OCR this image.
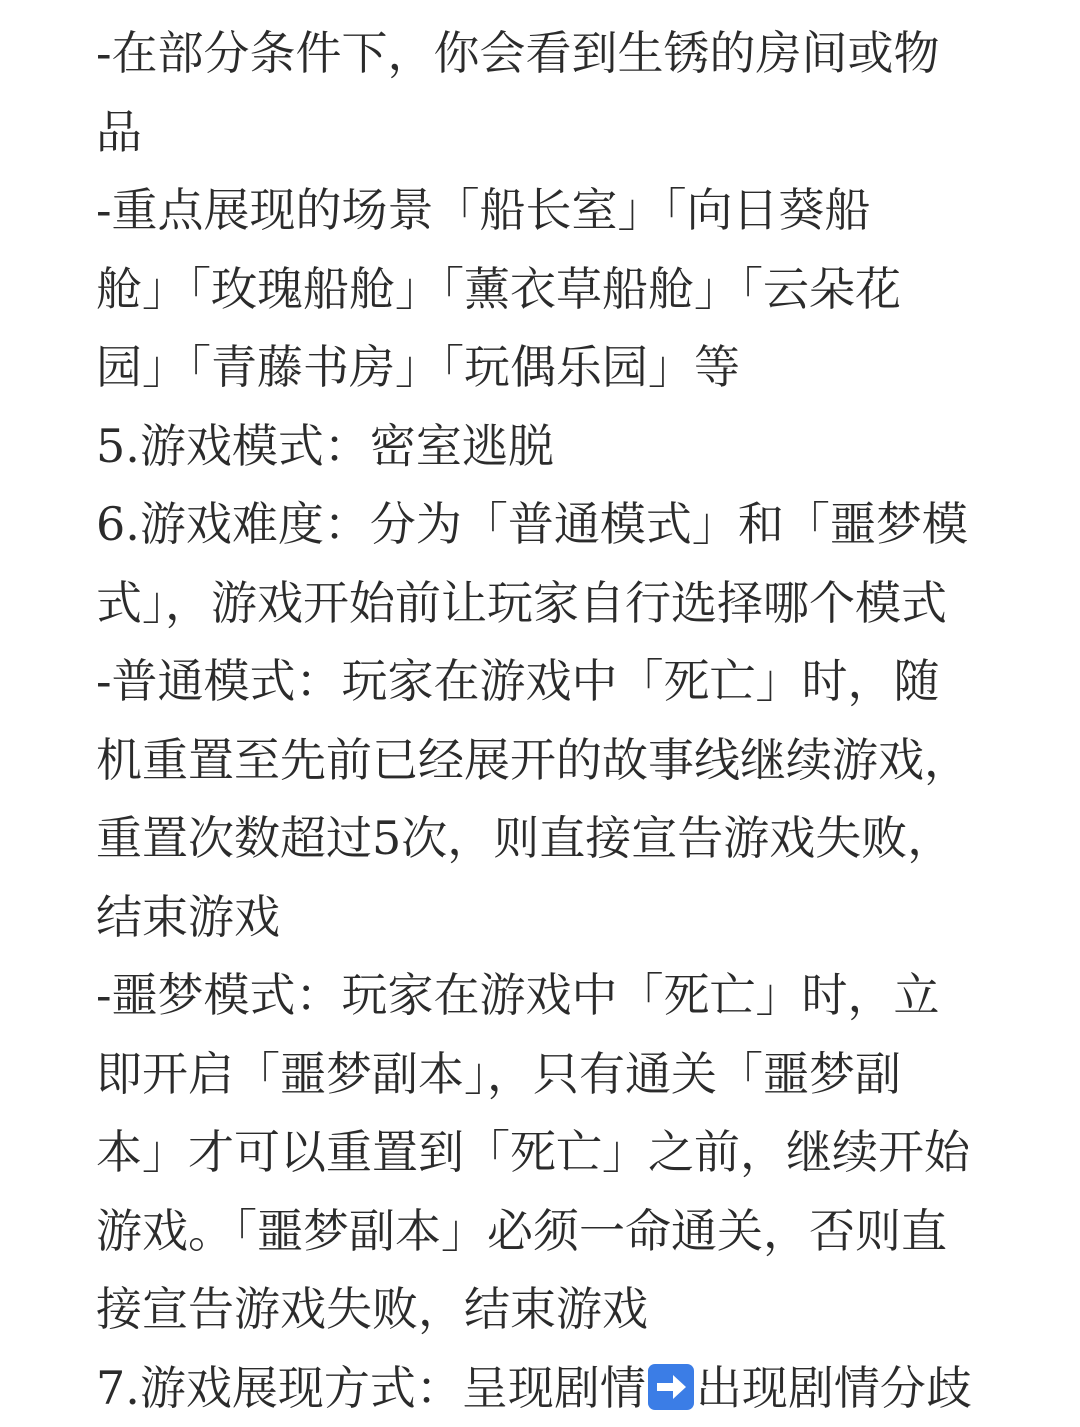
-在部分条件下，你会看到生锈的房间或物
品
-重点展现的场景「船长室」「向日葵船
舱」「玫瑰船舱」「薰衣草船舱」「云朵花
园」「青藤书房」「玩偶乐园」等
5.游戏模式：密室逃脱
6.游戏难度：分为「普通模式」和「噩梦模
式」，游戏开始前让玩家自行选择哪个模式
-普通模式：玩家在游戏中「死亡」时，随
机重置至先前已经展开的故事线继续游戏，
重置次数超过5次，则直接宣告游戏失败，
结束游戏
-噩梦模式：玩家在游戏中「死亡」时，立
即开启「噩梦副本」，只有通关「噩梦副
本」才可以重置到「死亡」之前，继续开始
游戏。「噩梦副本」必须一命通关，否则直
接宣告游戏失败，结束游戏
7.游戏展现方式：呈现剧情 出现剧情分歧
